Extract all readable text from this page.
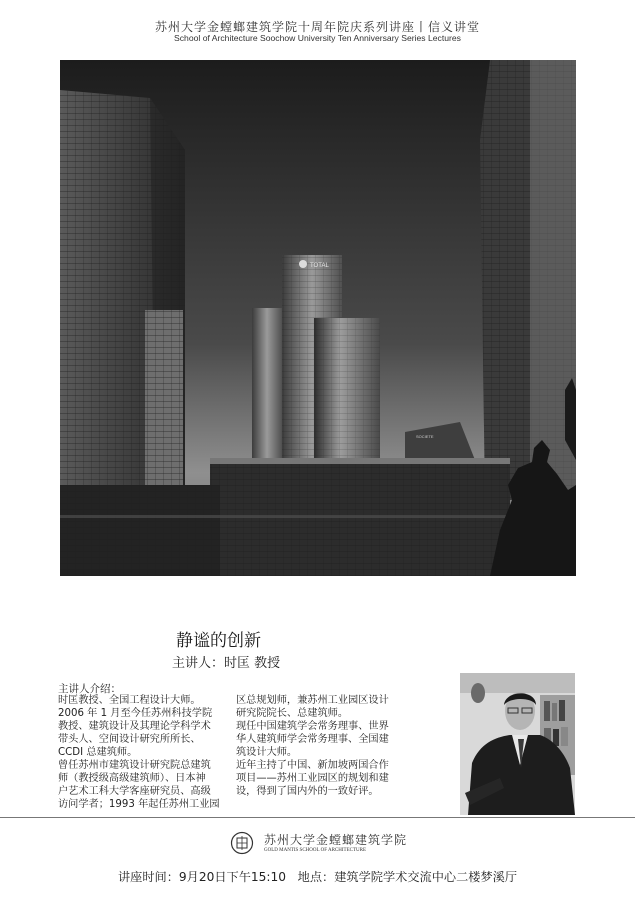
苏州大学金螳螂建筑学院十周年院庆系列讲座丨信义讲堂
School of Architecture Soochow University Ten Anniversary Series Lectures
TOTAL
SOCIETE
静谧的创新
主讲人：时匡 教授
主讲人介绍：

时匡教授、全国工程设计大师。

2006 年 1 月至今任苏州科技学院

教授、建筑设计及其理论学科学术

带头人、空间设计研究所所长、

CCDI 总建筑师。

曾任苏州市建筑设计研究院总建筑

师（教授级高级建筑师）、日本神

户艺术工科大学客座研究员、高级

访问学者；1993 年起任苏州工业园

区总规划师，兼苏州工业园区设计

研究院院长、总建筑师。

现任中国建筑学会常务理事、世界

华人建筑师学会常务理事、全国建

筑设计大师。

近年主持了中国、新加坡两国合作

项目——苏州工业园区的规划和建

设，得到了国内外的一致好评。

苏州大学金螳螂建筑学院
GOLD MANTIS SCHOOL OF ARCHITECTURE
讲座时间：9月20日下午15:10   地点：建筑学院学术交流中心二楼梦溪厅
